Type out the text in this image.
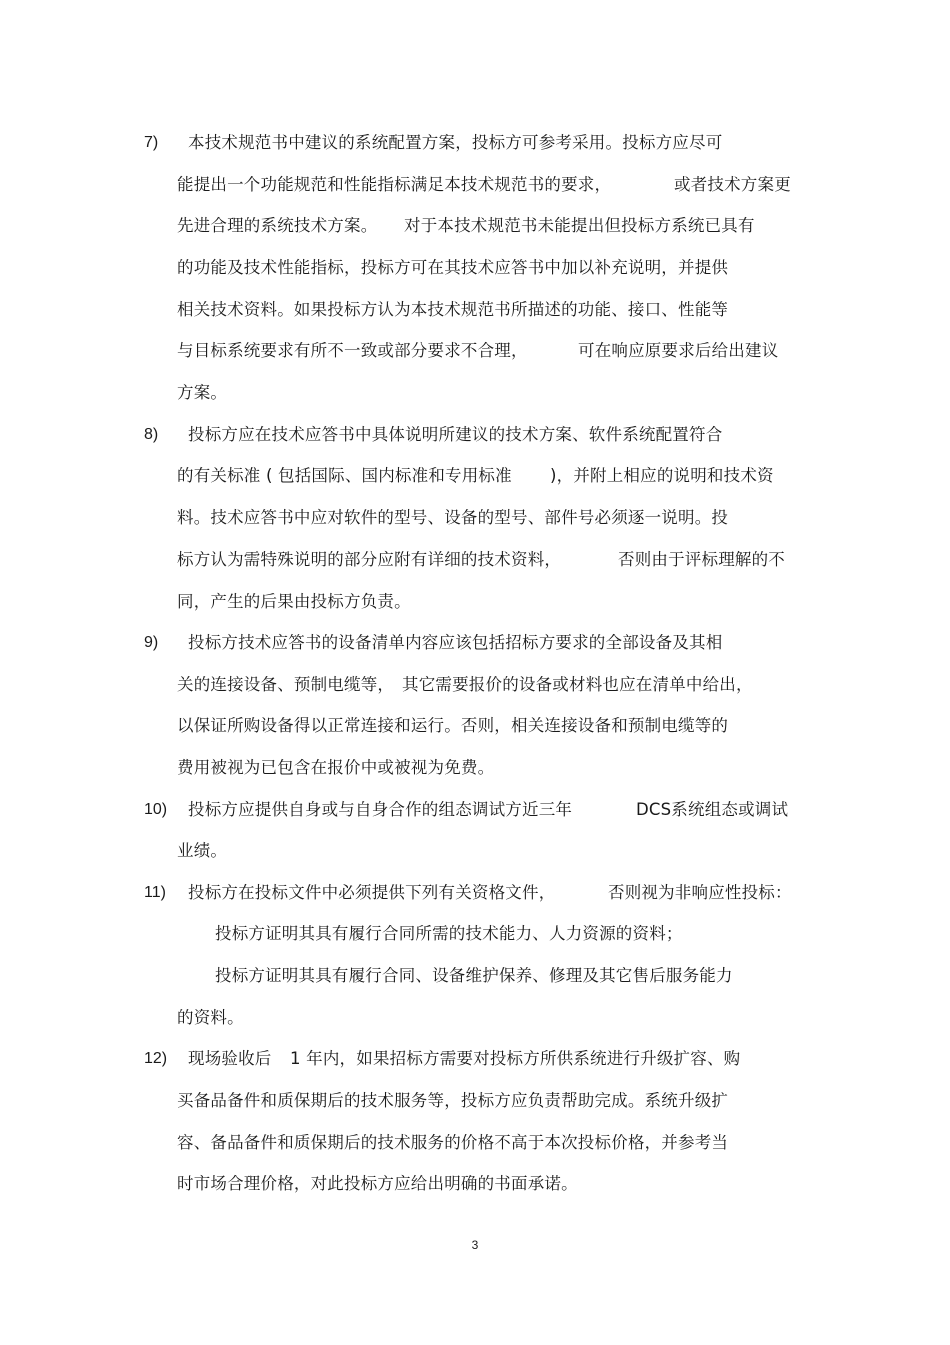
7) 本技术规范书中建议的系统配置方案，投标方可参考采用。投标方应尽可
能提出一个功能规范和性能指标满足本技术规范书的要求，	或者技术方案更
先进合理的系统技术方案。 对于本技术规范书未能提出但投标方系统已具有
的功能及技术性能指标，投标方可在其技术应答书中加以补充说明，并提供
相关技术资料。如果投标方认为本技术规范书所描述的功能、接口、性能等
与目标系统要求有所不一致或部分要求不合理，	可在响应原要求后给出建议
方案。
8) 投标方应在技术应答书中具体说明所建议的技术方案、软件系统配置符合
的有关标准 ( 包括国际、国内标准和专用标准 )，并附上相应的说明和技术资
料。技术应答书中应对软件的型号、设备的型号、部件号必须逐一说明。投
标方认为需特殊说明的部分应附有详细的技术资料，	否则由于评标理解的不
同，产生的后果由投标方负责。
9) 投标方技术应答书的设备清单内容应该包括招标方要求的全部设备及其相
关的连接设备、预制电缆等， 其它需要报价的设备或材料也应在清单中给出，
以保证所购设备得以正常连接和运行。否则，相关连接设备和预制电缆等的
费用被视为已包含在报价中或被视为免费。
10) 投标方应提供自身或与自身合作的组态调试方近三年	DCS系统组态或调试
业绩。
11) 投标方在投标文件中必须提供下列有关资格文件，	否则视为非响应性投标：
投标方证明其具有履行合同所需的技术能力、人力资源的资料；
投标方证明其具有履行合同、设备维护保养、修理及其它售后服务能力
的资料。
12) 现场验收后 1 年内，如果招标方需要对投标方所供系统进行升级扩容、购
买备品备件和质保期后的技术服务等，投标方应负责帮助完成。系统升级扩
容、备品备件和质保期后的技术服务的价格不高于本次投标价格，并参考当
时市场合理价格，对此投标方应给出明确的书面承诺。
3
